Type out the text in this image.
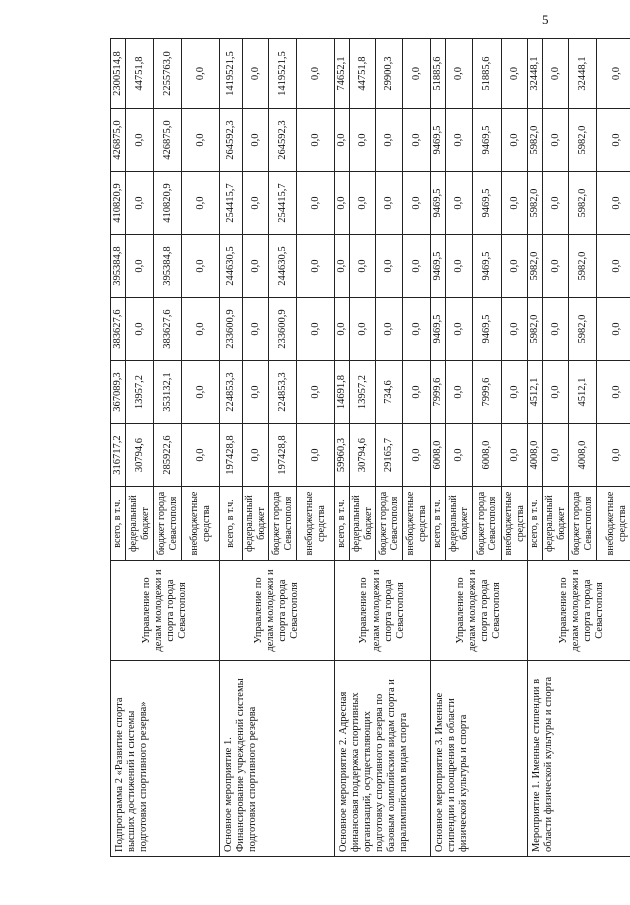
5
Подпрограмма 2 «Развитие спорта высших достижений и системы подготовки спортивного резерва»	Управление по делам молодежи и спорта города Севастополя	всего, в т.ч.	316717,2	367089,3	383627,6	395384,8	410820,9	426875,0	2300514,8
		федеральный бюджет	30794,6	13957,2	0,0	0,0	0,0	0,0	44751,8
		бюджет города Севастополя	285922,6	353132,1	383627,6	395384,8	410820,9	426875,0	2255763,0
		внебюджетные средства	0,0	0,0	0,0	0,0	0,0	0,0	0,0
Основное мероприятие 1. Финансирование учреждений системы подготовки спортивного резерва	Управление по делам молодежи и спорта города Севастополя	всего, в т.ч.	197428,8	224853,3	233600,9	244630,5	254415,7	264592,3	1419521,5
		федеральный бюджет	0,0	0,0	0,0	0,0	0,0	0,0	0,0
		бюджет города Севастополя	197428,8	224853,3	233600,9	244630,5	254415,7	264592,3	1419521,5
		внебюджетные средства	0,0	0,0	0,0	0,0	0,0	0,0	0,0
Основное мероприятие 2. Адресная финансовая поддержка спортивных организаций, осуществляющих подготовку спортивного резерва по базовым олимпийским видам спорта и паралимпийским видам спорта	Управление по делам молодежи и спорта города Севастополя	всего, в т.ч.	59960,3	14691,8	0,0	0,0	0,0	0,0	74652,1
		федеральный бюджет	30794,6	13957,2	0,0	0,0	0,0	0,0	44751,8
		бюджет города Севастополя	29165,7	734,6	0,0	0,0	0,0	0,0	29900,3
		внебюджетные средства	0,0	0,0	0,0	0,0	0,0	0,0	0,0
Основное мероприятие 3. Именные стипендии и поощрения в области физической культуры и спорта	Управление по делам молодежи и спорта города Севастополя	всего, в т.ч.	6008,0	7999,6	9469,5	9469,5	9469,5	9469,5	51885,6
		федеральный бюджет	0,0	0,0	0,0	0,0	0,0	0,0	0,0
		бюджет города Севастополя	6008,0	7999,6	9469,5	9469,5	9469,5	9469,5	51885,6
		внебюджетные средства	0,0	0,0	0,0	0,0	0,0	0,0	0,0
Мероприятие 1. Именные стипендии в области физической культуры и спорта	Управление по делам молодежи и спорта города Севастополя	всего, в т.ч.	4008,0	4512,1	5982,0	5982,0	5982,0	5982,0	32448,1
		федеральный бюджет	0,0	0,0	0,0	0,0	0,0	0,0	0,0
		бюджет города Севастополя	4008,0	4512,1	5982,0	5982,0	5982,0	5982,0	32448,1
		внебюджетные средства	0,0	0,0	0,0	0,0	0,0	0,0	0,0
